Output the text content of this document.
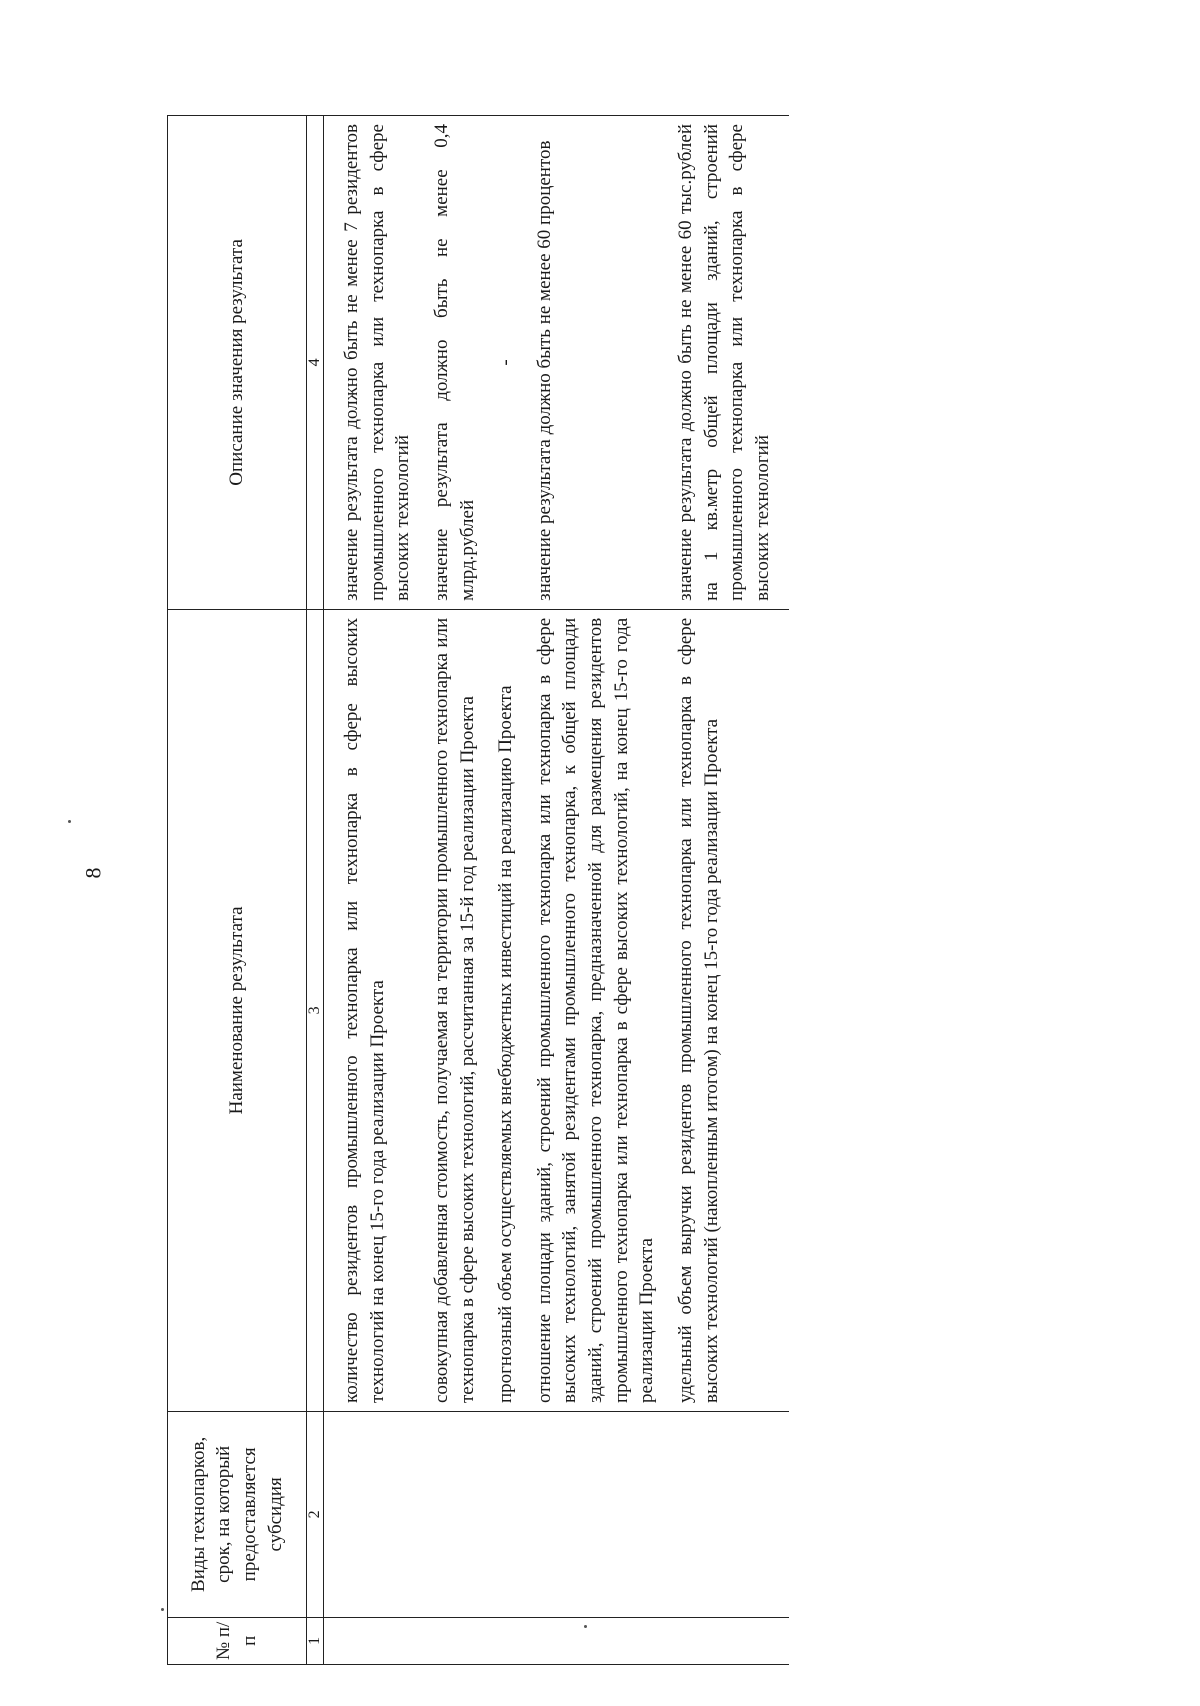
8
№ п/п	Виды технопарков, срок, на который предоставляется субсидия	Наименование результата	Описание значения результата
1	2	3	4
		количество резидентов промышленного технопарка или технопарка в сфере высоких технологий на конец 15-го года реализации Проекта	значение результата должно быть не менее 7 резидентов промышленного технопарка или технопарка в сфере высоких технологий
		совокупная добавленная стоимость, получаемая на территории промышленного технопарка или технопарка в сфере высоких технологий, рассчитанная за 15-й год реализации Проекта	значение результата должно быть не менее 0,4 млрд.рублей
		прогнозный объем осуществляемых внебюджетных инвестиций на реализацию Проекта	-
		отношение площади зданий, строений промышленного технопарка или технопарка в сфере высоких технологий, занятой резидентами промышленного технопарка, к общей площади зданий, строений промышленного технопарка, предназначенной для размещения резидентов промышленного технопарка или технопарка в сфере высоких технологий, на конец 15-го года реализации Проекта	значение результата должно быть не менее 60 процентов
		удельный объем выручки резидентов промышленного технопарка или технопарка в сфере высоких технологий (накопленным итогом) на конец 15-го года реализации Проекта	значение результата должно быть не менее 60 тыс.рублей на 1 кв.метр общей площади зданий, строений промышленного технопарка или технопарка в сфере высоких технологий
